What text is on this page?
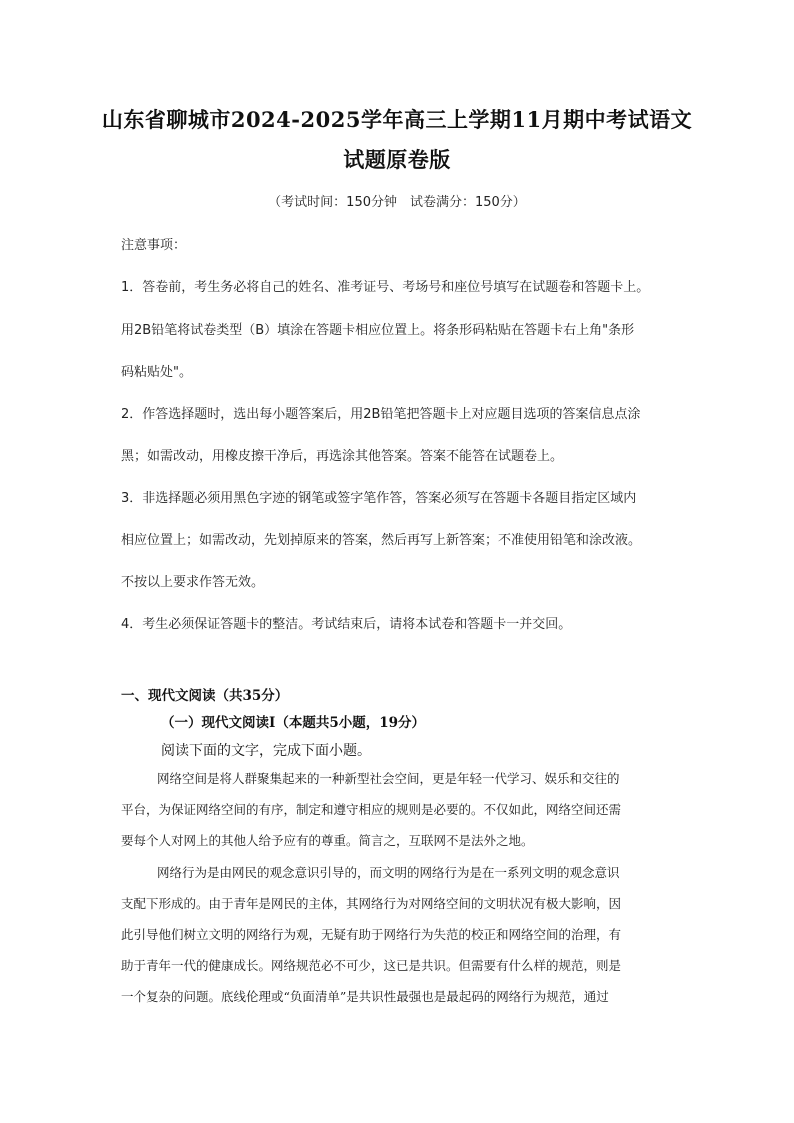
山东省聊城市2024-2025学年高三上学期11月期中考试语文
试题原卷版
（考试时间：150分钟　试卷满分：150分）
注意事项：
1．答卷前，考生务必将自己的姓名、准考证号、考场号和座位号填写在试题卷和答题卡上。
用2B铅笔将试卷类型（B）填涂在答题卡相应位置上。将条形码粘贴在答题卡右上角"条形
码粘贴处"。
2．作答选择题时，选出每小题答案后，用2B铅笔把答题卡上对应题目选项的答案信息点涂
黑；如需改动，用橡皮擦干净后，再选涂其他答案。答案不能答在试题卷上。
3．非选择题必须用黑色字迹的钢笔或签字笔作答，答案必须写在答题卡各题目指定区域内
相应位置上；如需改动，先划掉原来的答案，然后再写上新答案；不准使用铅笔和涂改液。
不按以上要求作答无效。
4．考生必须保证答题卡的整洁。考试结束后，请将本试卷和答题卡一并交回。
一、现代文阅读（共35分）
（一）现代文阅读Ⅰ（本题共5小题，19分）
阅读下面的文字，完成下面小题。
网络空间是将人群聚集起来的一种新型社会空间，更是年轻一代学习、娱乐和交往的
平台，为保证网络空间的有序，制定和遵守相应的规则是必要的。不仅如此，网络空间还需
要每个人对网上的其他人给予应有的尊重。简言之，互联网不是法外之地。
网络行为是由网民的观念意识引导的，而文明的网络行为是在一系列文明的观念意识
支配下形成的。由于青年是网民的主体，其网络行为对网络空间的文明状况有极大影响，因
此引导他们树立文明的网络行为观，无疑有助于网络行为失范的校正和网络空间的治理，有
助于青年一代的健康成长。网络规范必不可少，这已是共识。但需要有什么样的规范，则是
一个复杂的问题。底线伦理或“负面清单”是共识性最强也是最起码的网络行为规范，通过
